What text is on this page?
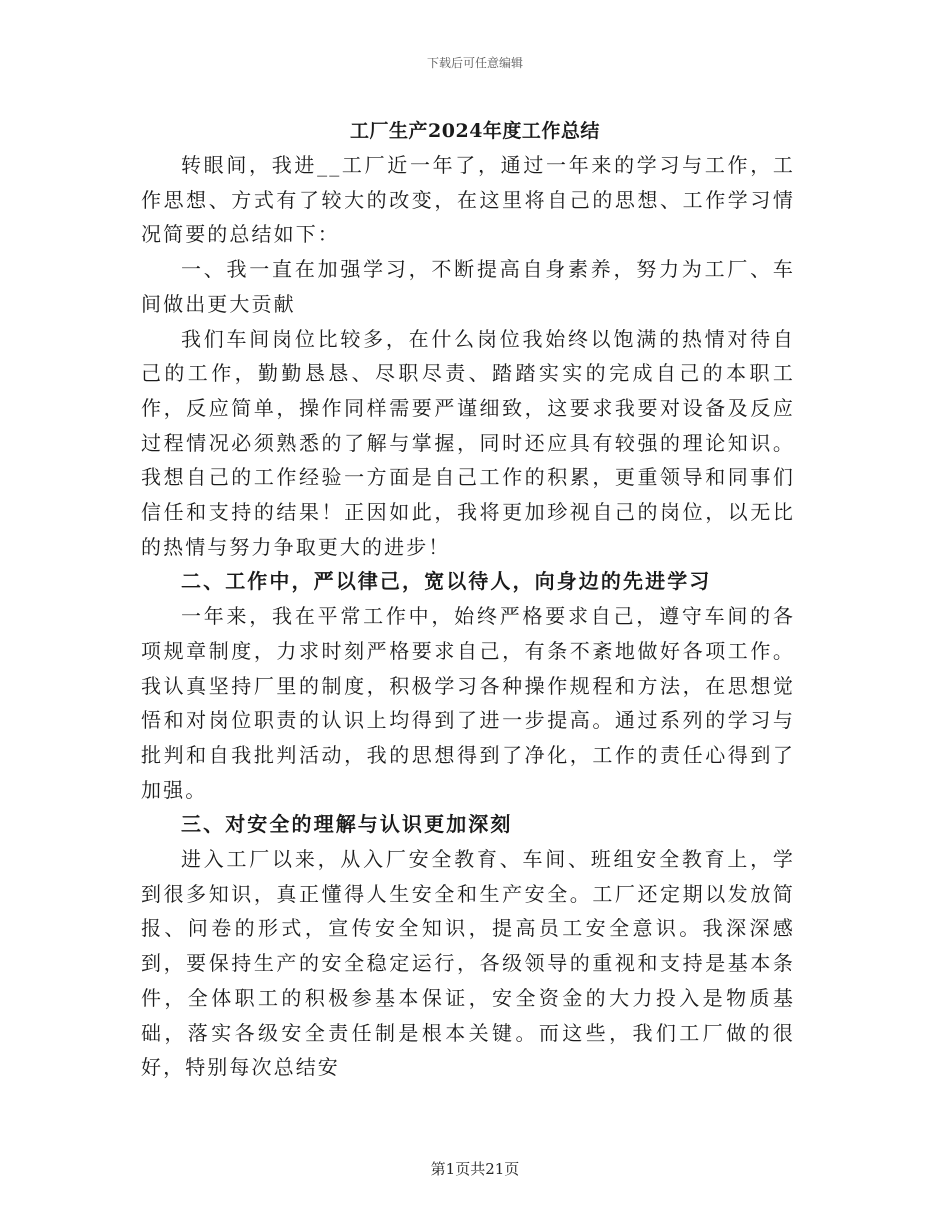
下载后可任意编辑
工厂生产2024年度工作总结

转眼间，我进__工厂近一年了，通过一年来的学习与工作，工作思想、方式有了较大的改变，在这里将自己的思想、工作学习情况简要的总结如下：

一、我一直在加强学习，不断提高自身素养，努力为工厂、车间做出更大贡献

我们车间岗位比较多，在什么岗位我始终以饱满的热情对待自己的工作，勤勤恳恳、尽职尽责、踏踏实实的完成自己的本职工作，反应简单，操作同样需要严谨细致，这要求我要对设备及反应过程情况必须熟悉的了解与掌握，同时还应具有较强的理论知识。我想自己的工作经验一方面是自己工作的积累，更重领导和同事们信任和支持的结果！正因如此，我将更加珍视自己的岗位，以无比的热情与努力争取更大的进步！

二、工作中，严以律己，宽以待人，向身边的先进学习

一年来，我在平常工作中，始终严格要求自己，遵守车间的各项规章制度，力求时刻严格要求自己，有条不紊地做好各项工作。我认真坚持厂里的制度，积极学习各种操作规程和方法，在思想觉悟和对岗位职责的认识上均得到了进一步提高。通过系列的学习与批判和自我批判活动，我的思想得到了净化，工作的责任心得到了加强。

三、对安全的理解与认识更加深刻

进入工厂以来，从入厂安全教育、车间、班组安全教育上，学到很多知识，真正懂得人生安全和生产安全。工厂还定期以发放简报、问卷的形式，宣传安全知识，提高员工安全意识。我深深感到，要保持生产的安全稳定运行，各级领导的重视和支持是基本条件，全体职工的积极参基本保证，安全资金的大力投入是物质基础，落实各级安全责任制是根本关键。而这些，我们工厂做的很好，特别每次总结安

第1页共21页
